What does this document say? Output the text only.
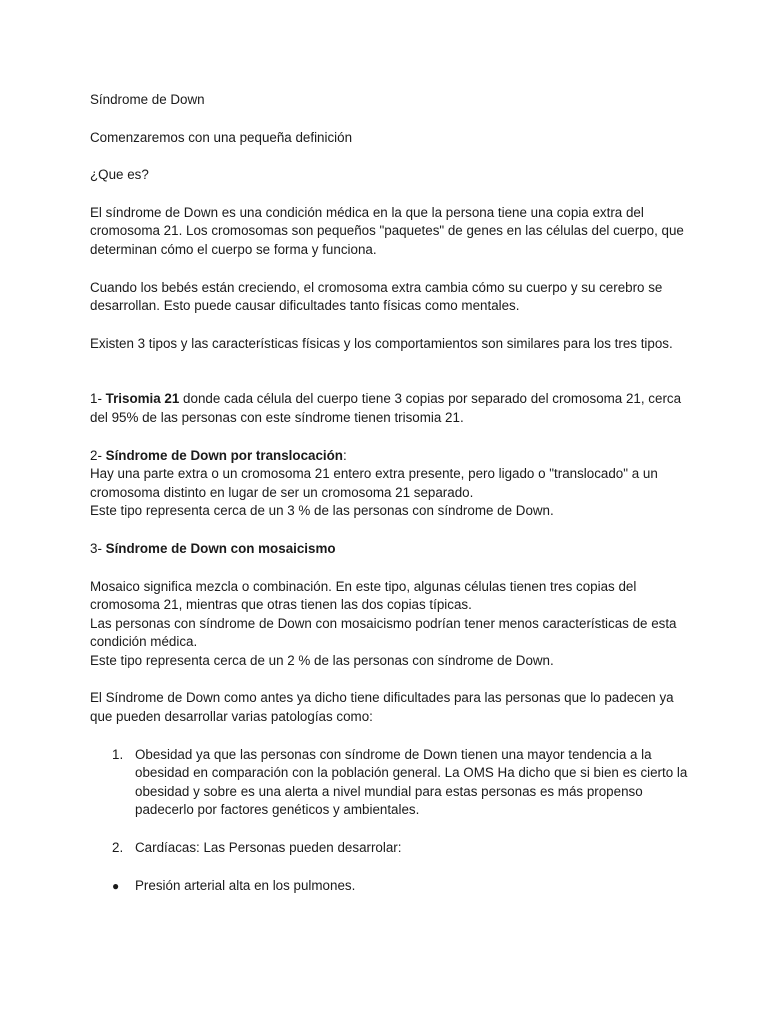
Síndrome de Down

Comenzaremos con una pequeña definición

¿Que es?

El síndrome de Down es una condición médica en la que la persona tiene una copia extra del cromosoma 21. Los cromosomas son pequeños "paquetes" de genes en las células del cuerpo, que determinan cómo el cuerpo se forma y funciona.

Cuando los bebés están creciendo, el cromosoma extra cambia cómo su cuerpo y su cerebro se desarrollan. Esto puede causar dificultades tanto físicas como mentales.

Existen 3 tipos y las características físicas y los comportamientos son similares para los tres tipos.

1- Trisomia 21 donde cada célula del cuerpo tiene 3 copias por separado del cromosoma 21, cerca del 95% de las personas con este síndrome tienen trisomia 21.

2- Síndrome de Down por translocación:

Hay una parte extra o un cromosoma 21 entero extra presente, pero ligado o "translocado" a un cromosoma distinto en lugar de ser un cromosoma 21 separado.

Este tipo representa cerca de un 3 % de las personas con síndrome de Down.

3- Síndrome de Down con mosaicismo

Mosaico significa mezcla o combinación. En este tipo, algunas células tienen tres copias del cromosoma 21, mientras que otras tienen las dos copias típicas.

Las personas con síndrome de Down con mosaicismo podrían tener menos características de esta condición médica.

Este tipo representa cerca de un 2 % de las personas con síndrome de Down.

El Síndrome de Down como antes ya dicho tiene dificultades para las personas que lo padecen ya que pueden desarrollar varias patologías como:

1. Obesidad ya que las personas con síndrome de Down tienen una mayor tendencia a la obesidad en comparación con la población general. La OMS Ha dicho que si bien es cierto la obesidad y sobre es una alerta a nivel mundial para estas personas es más propenso padecerlo por factores genéticos y ambientales.
2. Cardíacas: Las Personas pueden desarrolar:
● Presión arterial alta en los pulmones.
